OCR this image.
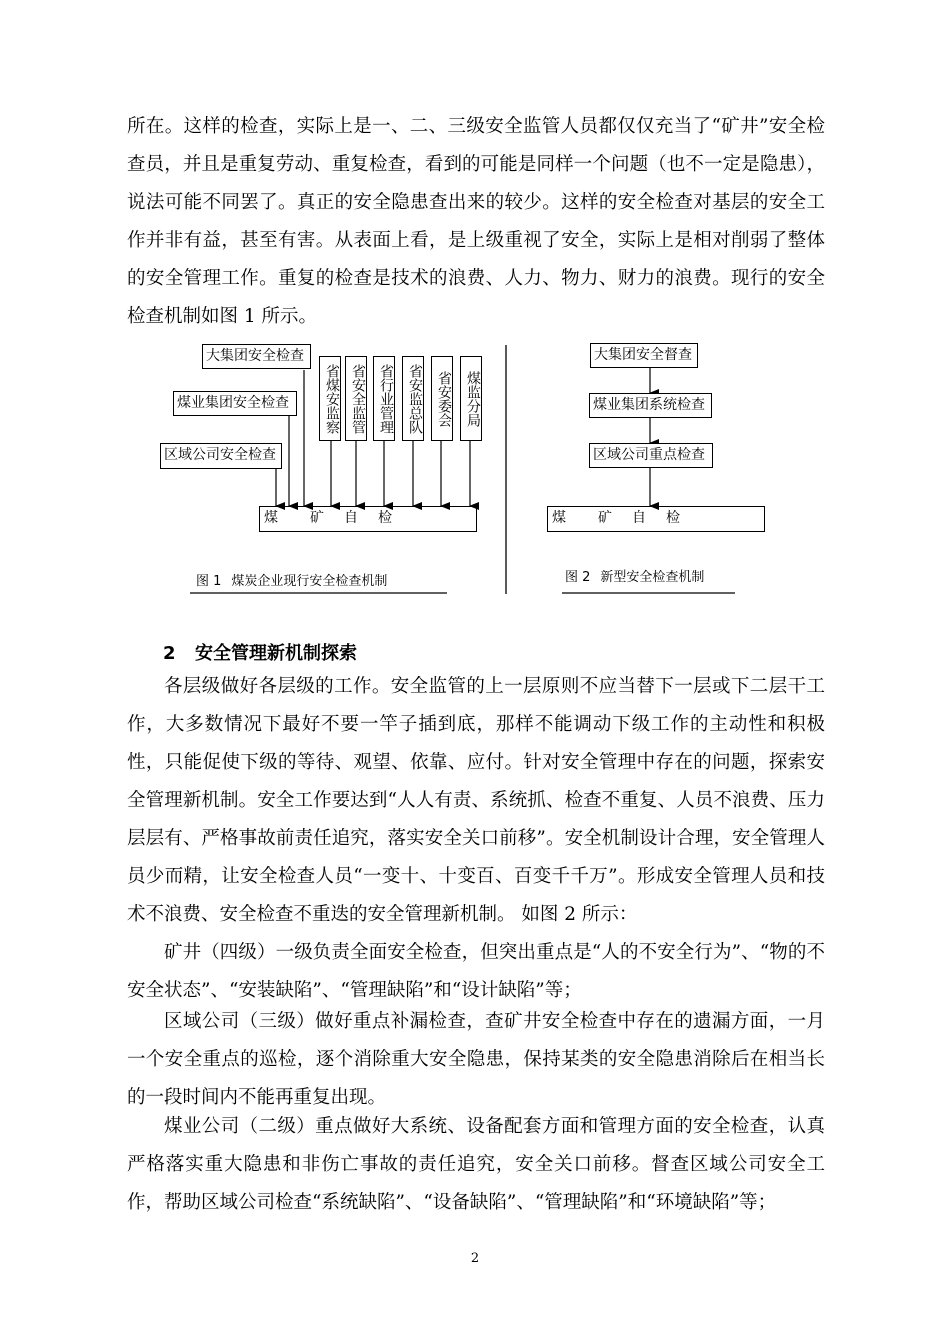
所在。这样的检查，实际上是一、二、三级安全监管人员都仅仅充当了“矿井”安全检查员，并且是重复劳动、重复检查，看到的可能是同样一个问题（也不一定是隐患），说法可能不同罢了。真正的安全隐患查出来的较少。这样的安全检查对基层的安全工作并非有益，甚至有害。从表面上看，是上级重视了安全，实际上是相对削弱了整体的安全管理工作。重复的检查是技术的浪费、人力、物力、财力的浪费。现行的安全检查机制如图 1 所示。

大集团安全检查
煤业集团安全检查
区域公司安全检查
省煤安监察 省安全监管 省行业管理 省安监总队 省安委会 煤监分局
煤 矿 自 检
图 1 煤炭企业现行安全检查机制
大集团安全督查
煤业集团系统检查
区域公司重点检查
煤 矿 自 检
图 2 新型安全检查机制
2 安全管理新机制探索

各层级做好各层级的工作。安全监管的上一层原则不应当替下一层或下二层干工作，大多数情况下最好不要一竿子插到底，那样不能调动下级工作的主动性和积极性，只能促使下级的等待、观望、依靠、应付。针对安全管理中存在的问题，探索安全管理新机制。安全工作要达到“人人有责、系统抓、检查不重复、人员不浪费、压力层层有、严格事故前责任追究，落实安全关口前移”。安全机制设计合理，安全管理人员少而精，让安全检查人员“一变十、十变百、百变千千万”。形成安全管理人员和技术不浪费、安全检查不重迭的安全管理新机制。 如图 2 所示：

矿井（四级）一级负责全面安全检查，但突出重点是“人的不安全行为”、“物的不安全状态”、“安装缺陷”、“管理缺陷”和“设计缺陷”等；

区域公司（三级）做好重点补漏检查，查矿井安全检查中存在的遗漏方面，一月一个安全重点的巡检，逐个消除重大安全隐患，保持某类的安全隐患消除后在相当长的一段时间内不能再重复出现。

煤业公司（二级）重点做好大系统、设备配套方面和管理方面的安全检查，认真严格落实重大隐患和非伤亡事故的责任追究，安全关口前移。督查区域公司安全工作，帮助区域公司检查“系统缺陷”、“设备缺陷”、“管理缺陷”和“环境缺陷”等；

2
